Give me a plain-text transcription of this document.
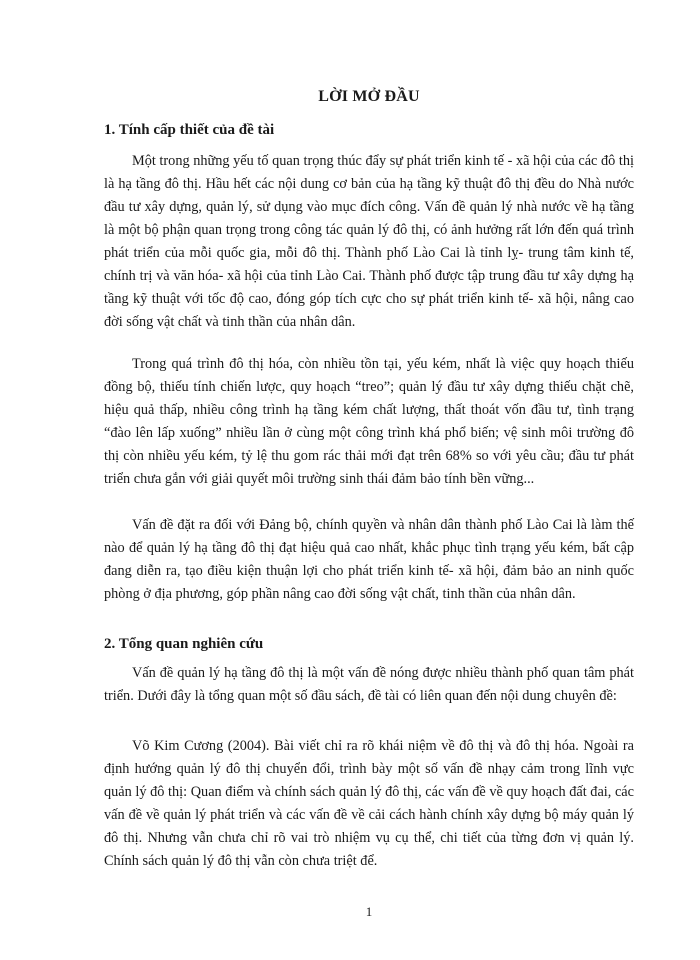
LỜI MỞ ĐẦU
1. Tính cấp thiết của đề tài

Một trong những yếu tố quan trọng thúc đẩy sự phát triển kinh tế - xã hội của các đô thị là hạ tầng đô thị. Hầu hết các nội dung cơ bản của hạ tầng kỹ thuật đô thị đều do Nhà nước đầu tư xây dựng, quản lý, sử dụng vào mục đích công. Vấn đề quản lý nhà nước về hạ tầng là một bộ phận quan trọng trong công tác quản lý đô thị, có ảnh hưởng rất lớn đến quá trình phát triển của mỗi quốc gia, mỗi đô thị. Thành phố Lào Cai là tỉnh lỵ- trung tâm kinh tế, chính trị và văn hóa- xã hội của tỉnh Lào Cai. Thành phố được tập trung đầu tư xây dựng hạ tầng kỹ thuật với tốc độ cao, đóng góp tích cực cho sự phát triển kinh tế- xã hội, nâng cao đời sống vật chất và tinh thần của nhân dân.

Trong quá trình đô thị hóa, còn nhiều tồn tại, yếu kém, nhất là việc quy hoạch thiếu đồng bộ, thiếu tính chiến lược, quy hoạch “treo”; quản lý đầu tư xây dựng thiếu chặt chẽ, hiệu quả thấp, nhiều công trình hạ tầng kém chất lượng, thất thoát vốn đầu tư, tình trạng “đào lên lấp xuống” nhiều lần ở cùng một công trình khá phổ biến; vệ sinh môi trường đô thị còn nhiều yếu kém, tỷ lệ thu gom rác thải mới đạt trên 68% so với yêu cầu; đầu tư phát triển chưa gắn với giải quyết môi trường sinh thái đảm bảo tính bền vững...

Vấn đề đặt ra đối với Đảng bộ, chính quyền và nhân dân thành phố Lào Cai là làm thế nào để quản lý hạ tầng đô thị đạt hiệu quả cao nhất, khắc phục tình trạng yếu kém, bất cập đang diễn ra, tạo điều kiện thuận lợi cho phát triển kinh tế- xã hội, đảm bảo an ninh quốc phòng ở địa phương, góp phần nâng cao đời sống vật chất, tinh thần của nhân dân.

2. Tổng quan nghiên cứu

Vấn đề quản lý hạ tầng đô thị là một vấn đề nóng được nhiều thành phố quan tâm phát triển. Dưới đây là tổng quan một số đầu sách, đề tài có liên quan đến nội dung chuyên đề:

Võ Kim Cương (2004). Bài viết chỉ ra rõ khái niệm về đô thị và đô thị hóa. Ngoài ra định hướng quản lý đô thị chuyển đổi, trình bày một số vấn đề nhạy cảm trong lĩnh vực quản lý đô thị: Quan điểm và chính sách quản lý đô thị, các vấn đề về quy hoạch đất đai, các vấn đề về quản lý phát triển và các vấn đề về cải cách hành chính xây dựng bộ máy quản lý đô thị. Nhưng vẫn chưa chỉ rõ vai trò nhiệm vụ cụ thể, chi tiết của từng đơn vị quản lý. Chính sách quản lý đô thị vẫn còn chưa triệt để.

1
